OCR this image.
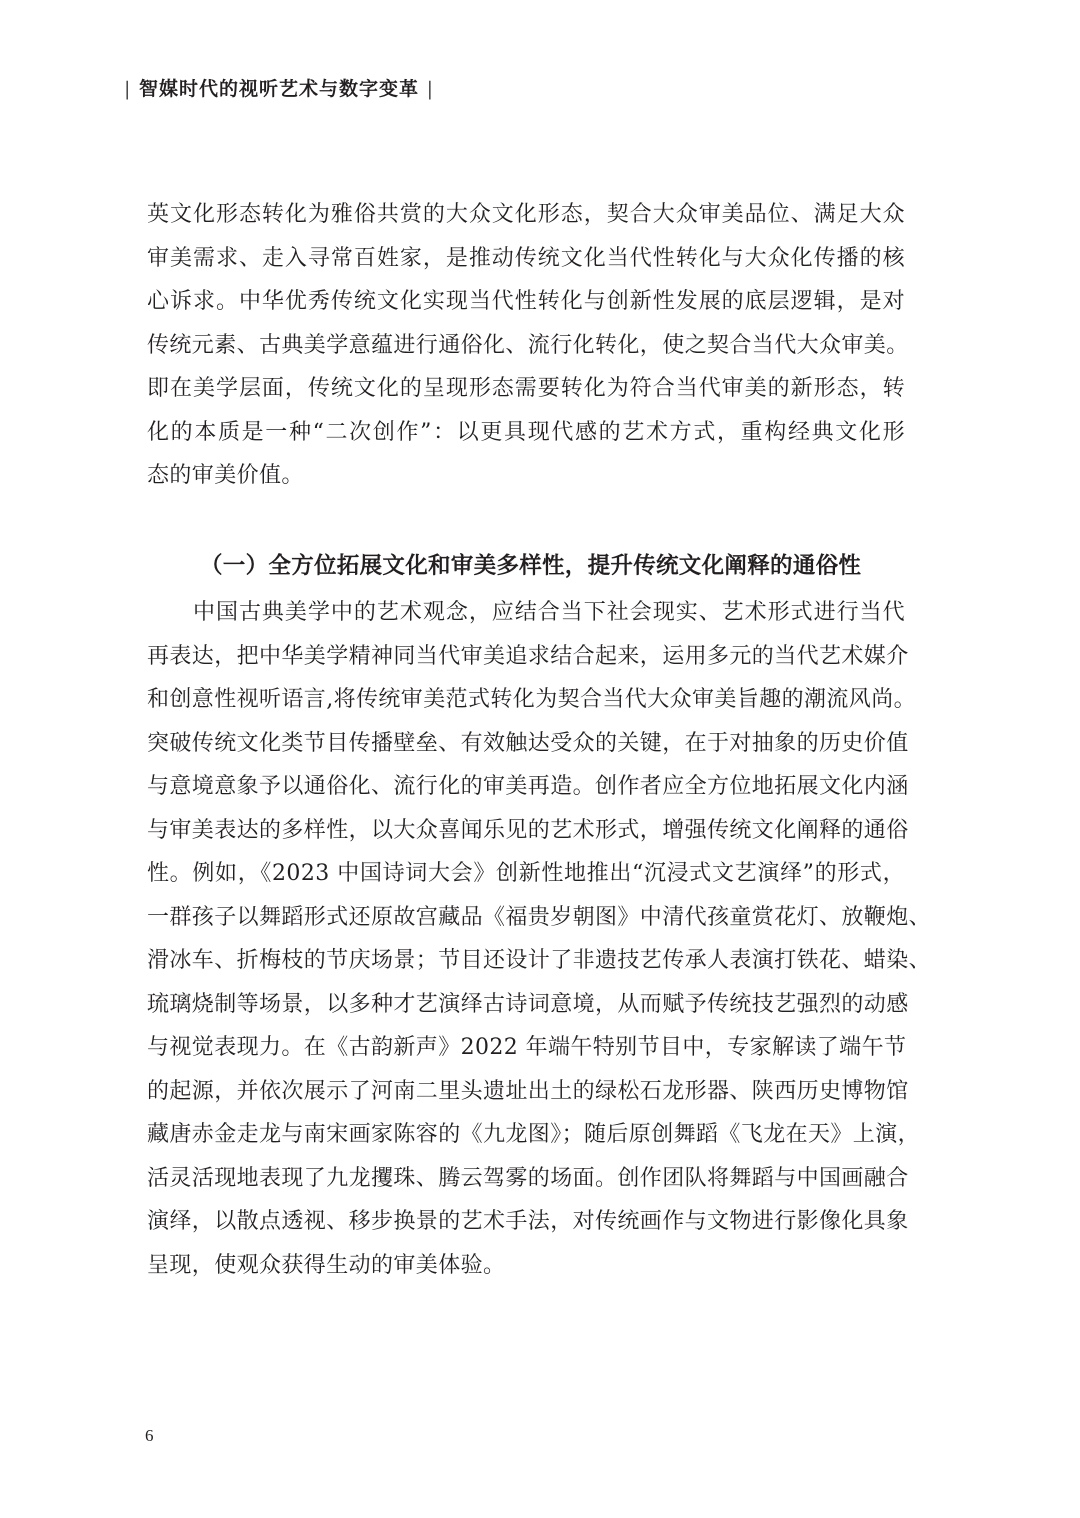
| 智媒时代的视听艺术与数字变革 |
英文化形态转化为雅俗共赏的大众文化形态，契合大众审美品位、满足大众
审美需求、走入寻常百姓家，是推动传统文化当代性转化与大众化传播的核
心诉求。中华优秀传统文化实现当代性转化与创新性发展的底层逻辑，是对
传统元素、古典美学意蕴进行通俗化、流行化转化，使之契合当代大众审美。
即在美学层面，传统文化的呈现形态需要转化为符合当代审美的新形态，转
化的本质是一种“二次创作”：以更具现代感的艺术方式，重构经典文化形
态的审美价值。
（一）全方位拓展文化和审美多样性，提升传统文化阐释的通俗性
　　中国古典美学中的艺术观念，应结合当下社会现实、艺术形式进行当代
再表达，把中华美学精神同当代审美追求结合起来，运用多元的当代艺术媒介
和创意性视听语言,将传统审美范式转化为契合当代大众审美旨趣的潮流风尚。
突破传统文化类节目传播壁垒、有效触达受众的关键，在于对抽象的历史价值
与意境意象予以通俗化、流行化的审美再造。创作者应全方位地拓展文化内涵
与审美表达的多样性，以大众喜闻乐见的艺术形式，增强传统文化阐释的通俗
性。例如，《2023 中国诗词大会》创新性地推出“沉浸式文艺演绎”的形式，
一群孩子以舞蹈形式还原故宫藏品《福贵岁朝图》中清代孩童赏花灯、放鞭炮、
滑冰车、折梅枝的节庆场景；节目还设计了非遗技艺传承人表演打铁花、蜡染、
琉璃烧制等场景，以多种才艺演绎古诗词意境，从而赋予传统技艺强烈的动感
与视觉表现力。在《古韵新声》2022 年端午特别节目中，专家解读了端午节
的起源，并依次展示了河南二里头遗址出土的绿松石龙形器、陕西历史博物馆
藏唐赤金走龙与南宋画家陈容的《九龙图》；随后原创舞蹈《飞龙在天》上演，
活灵活现地表现了九龙攫珠、腾云驾雾的场面。创作团队将舞蹈与中国画融合
演绎，以散点透视、移步换景的艺术手法，对传统画作与文物进行影像化具象
呈现，使观众获得生动的审美体验。
6
